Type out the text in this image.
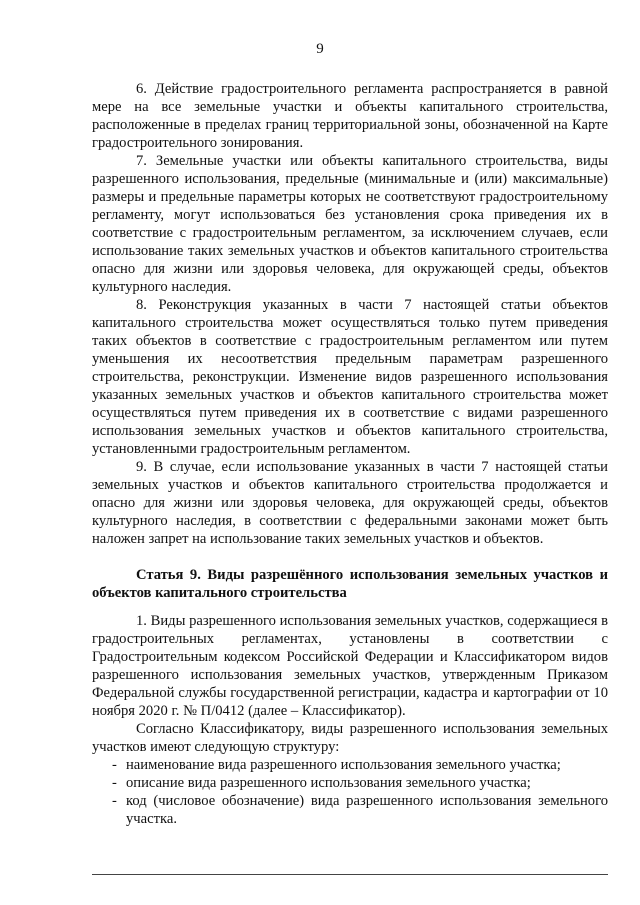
9

6. Действие градостроительного регламента распространяется в равной мере на все земельные участки и объекты капитального строительства, расположенные в пределах границ территориальной зоны, обозначенной на Карте градостроительного зонирования.

7. Земельные участки или объекты капитального строительства, виды разрешенного использования, предельные (минимальные и (или) максимальные) размеры и предельные параметры которых не соответствуют градостроительному регламенту, могут использоваться без установления срока приведения их в соответствие с градостроительным регламентом, за исключением случаев, если использование таких земельных участков и объектов капитального строительства опасно для жизни или здоровья человека, для окружающей среды, объектов культурного наследия.

8. Реконструкция указанных в части 7 настоящей статьи объектов капитального строительства может осуществляться только путем приведения таких объектов в соответствие с градостроительным регламентом или путем уменьшения их несоответствия предельным параметрам разрешенного строительства, реконструкции. Изменение видов разрешенного использования указанных земельных участков и объектов капитального строительства может осуществляться путем приведения их в соответствие с видами разрешенного использования земельных участков и объектов капитального строительства, установленными градостроительным регламентом.

9. В случае, если использование указанных в части 7 настоящей статьи земельных участков и объектов капитального строительства продолжается и опасно для жизни или здоровья человека, для окружающей среды, объектов культурного наследия, в соответствии с федеральными законами может быть наложен запрет на использование таких земельных участков и объектов.

Статья 9. Виды разрешённого использования земельных участков и объектов капитального строительства

1. Виды разрешенного использования земельных участков, содержащиеся в градостроительных регламентах, установлены в соответствии с Градостроительным кодексом Российской Федерации и Классификатором видов разрешенного использования земельных участков, утвержденным Приказом Федеральной службы государственной регистрации, кадастра и картографии от 10 ноября 2020 г. № П/0412 (далее – Классификатор).

Согласно Классификатору, виды разрешенного использования земельных участков имеют следующую структуру:

- наименование вида разрешенного использования земельного участка;
- описание вида разрешенного использования земельного участка;
- код (числовое обозначение) вида разрешенного использования земельного участка.
